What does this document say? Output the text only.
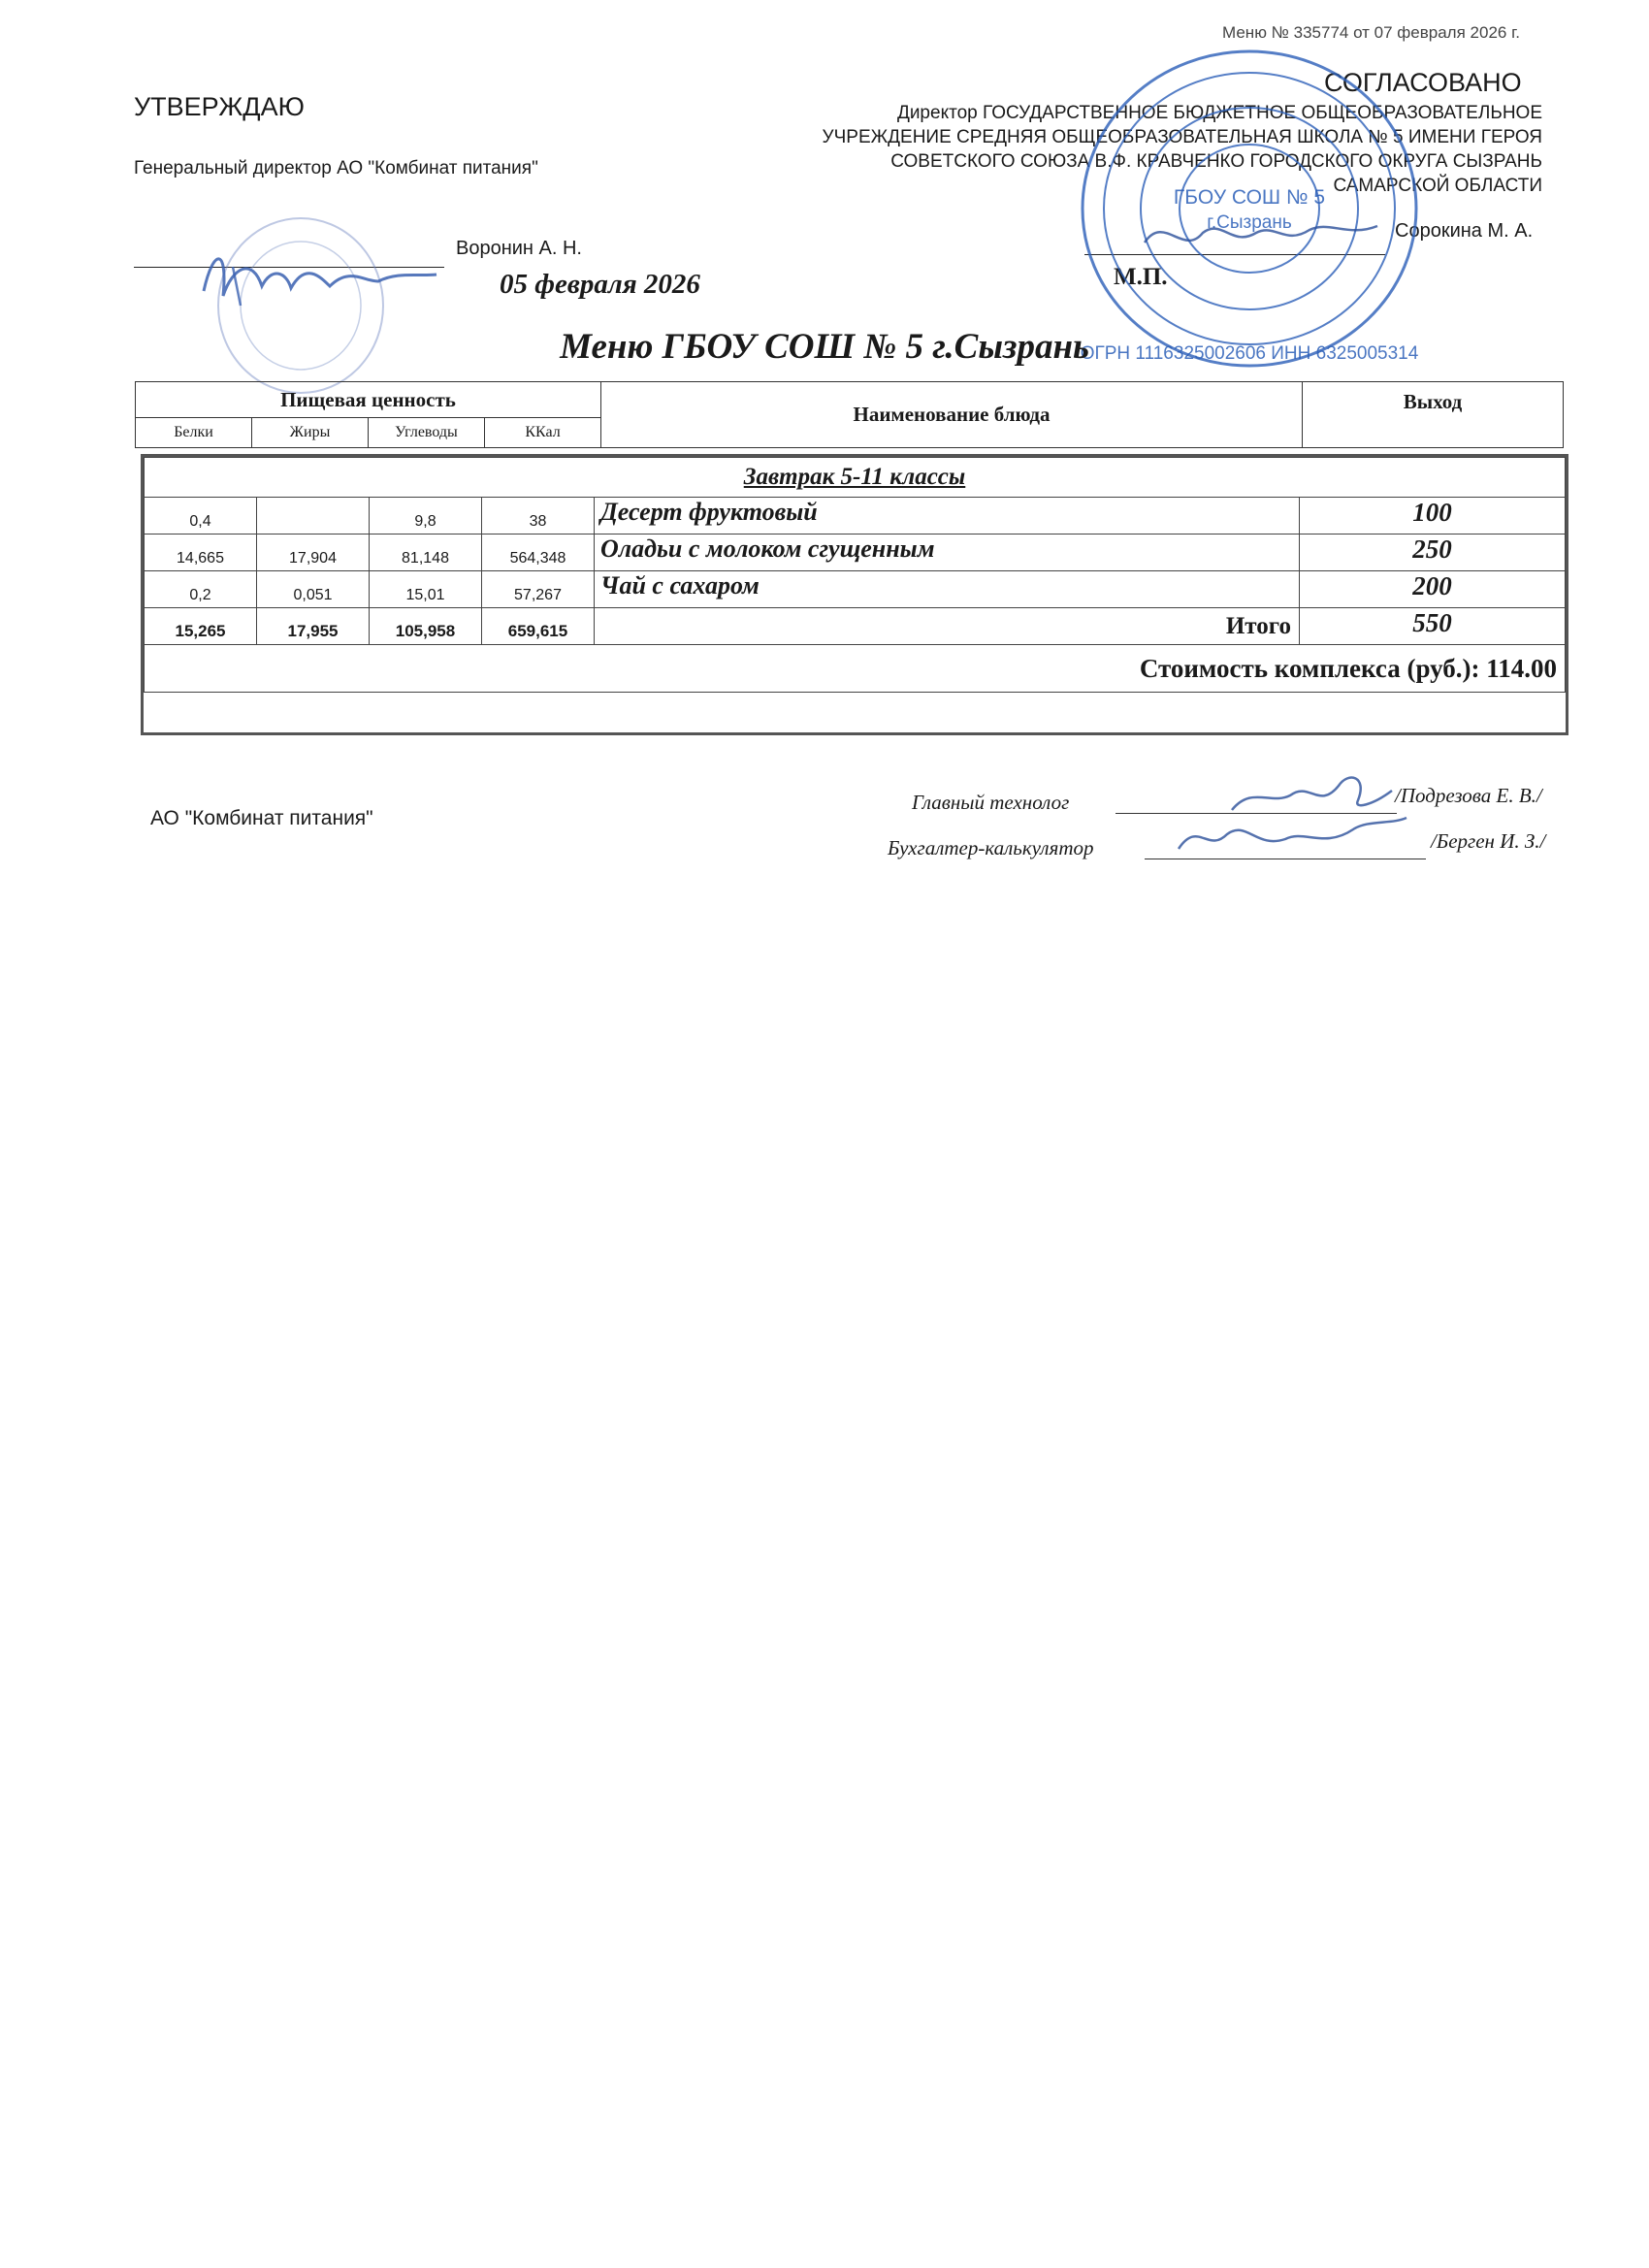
Меню № 335774 от 07 февраля 2026 г.
УТВЕРЖДАЮ
Генеральный директор АО "Комбинат питания"
Воронин А. Н.
05 февраля 2026
СОГЛАСОВАНО
Директор ГОСУДАРСТВЕННОЕ БЮДЖЕТНОЕ ОБЩЕОБРАЗОВАТЕЛЬНОЕ
УЧРЕЖДЕНИЕ СРЕДНЯЯ ОБЩЕОБРАЗОВАТЕЛЬНАЯ ШКОЛА № 5 ИМЕНИ ГЕРОЯ
СОВЕТСКОГО СОЮЗА В.Ф. КРАВЧЕНКО ГОРОДСКОГО ОКРУГА СЫЗРАНЬ
САМАРСКОЙ ОБЛАСТИ
Сорокина М. А.
М.П.
ГБОУ СОШ № 5
г.Сызрань
ОГРН 1116325002606 ИНН 6325005314
Меню ГБОУ СОШ № 5 г.Сызрань
Пищевая ценность				Наименование блюда	Выход
Белки	Жиры	Углеводы	ККал		
Завтрак 5-11 классы					
0,4		9,8	38	Десерт фруктовый	100
14,665	17,904	81,148	564,348	Оладьи с молоком сгущенным	250
0,2	0,051	15,01	57,267	Чай с сахаром	200
15,265	17,955	105,958	659,615	Итого	550
Стоимость комплекса (руб.): 114.00					
АО "Комбинат питания"
Главный технолог	/Подрезова Е. В./
Бухгалтер-калькулятор	/Берген И. З./
